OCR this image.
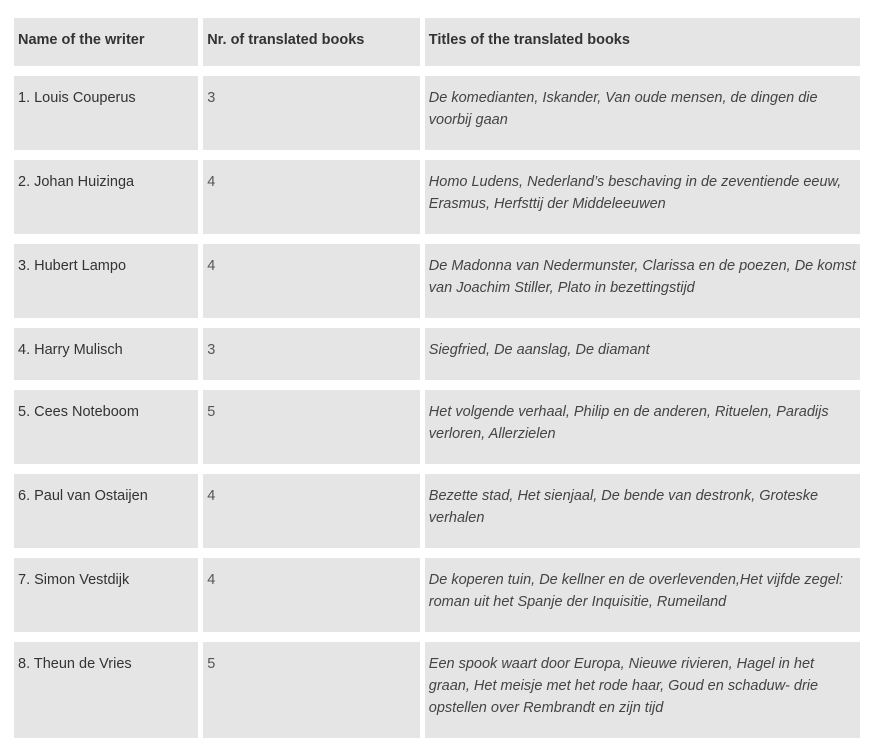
Name of the writer	Nr. of translated books	Titles of the translated books
1. Louis Couperus	3	De komedianten, Iskander, Van oude mensen, de dingen die voorbij gaan
2. Johan Huizinga	4	Homo Ludens, Nederland’s beschaving in de zeventiende eeuw, Erasmus, Herfsttij der Middeleeuwen
3. Hubert Lampo	4	De Madonna van Nedermunster, Clarissa en de poezen, De komst van Joachim Stiller, Plato in bezettingstijd
4. Harry Mulisch	3	Siegfried, De aanslag, De diamant
5. Cees Noteboom	5	Het volgende verhaal, Philip en de anderen, Rituelen, Paradijs verloren, Allerzielen
6. Paul van Ostaijen	4	Bezette stad, Het sienjaal, De bende van destronk, Groteske verhalen
7. Simon Vestdijk	4	De koperen tuin, De kellner en de overlevenden,Het vijfde zegel: roman uit het Spanje der Inquisitie, Rumeiland
8. Theun de Vries	5	Een spook waart door Europa, Nieuwe rivieren, Hagel in het graan, Het meisje met het rode haar, Goud en schaduw- drie opstellen over Rembrandt en zijn tijd
